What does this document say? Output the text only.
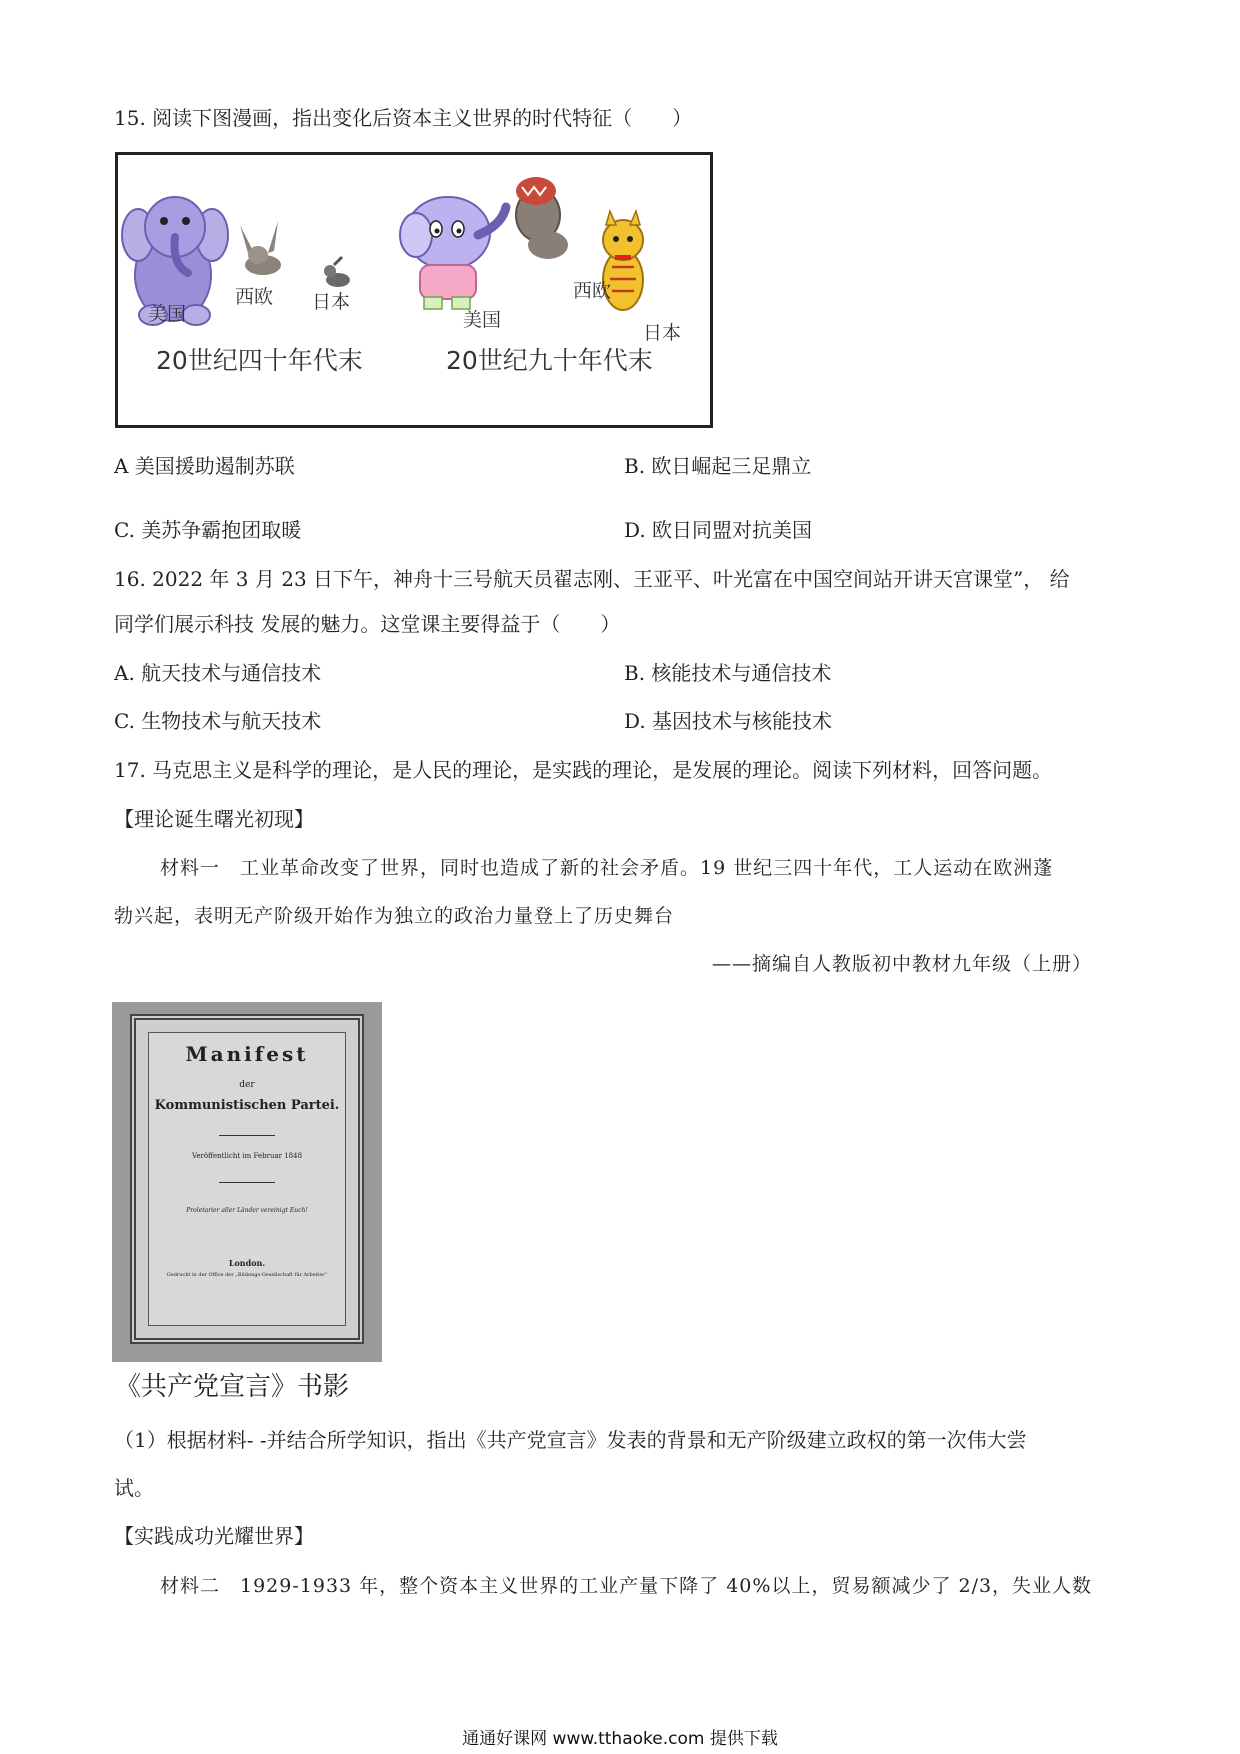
15. 阅读下图漫画，指出变化后资本主义世界的时代特征（　　）
美国
西欧 日本
20世纪四十年代末
美国
西欧
日本
20世纪九十年代末
A 美国援助遏制苏联	B. 欧日崛起三足鼎立
C. 美苏争霸抱团取暖	D. 欧日同盟对抗美国
16. 2022 年 3 月 23 日下午，神舟十三号航天员翟志刚、王亚平、叶光富在中国空间站开讲天宫课堂”， 给
同学们展示科技 发展的魅力。这堂课主要得益于（　　）
A. 航天技术与通信技术	B. 核能技术与通信技术
C. 生物技术与航天技术	D. 基因技术与核能技术
17. 马克思主义是科学的理论，是人民的理论，是实践的理论，是发展的理论。阅读下列材料，回答问题。
【理论诞生曙光初现】
材料一　工业革命改变了世界，同时也造成了新的社会矛盾。19 世纪三四十年代，工人运动在欧洲蓬
勃兴起，表明无产阶级开始作为独立的政治力量登上了历史舞台
——摘编自人教版初中教材九年级（上册）
Manifest
der
Kommunistischen Partei.
Veröffentlicht im Februar 1848
Proletarier aller Länder vereinigt Euch!
London.
Gedruckt in der Office der „Bildungs-Gesellschaft für Arbeiter“
《共产党宣言》书影
（1）根据材料- -并结合所学知识，指出《共产党宣言》发表的背景和无产阶级建立政权的第一次伟大尝
试。
【实践成功光耀世界】
材料二　1929-1933 年，整个资本主义世界的工业产量下降了 40%以上，贸易额减少了 2/3，失业人数
通通好课网 www.tthaoke.com 提供下载
